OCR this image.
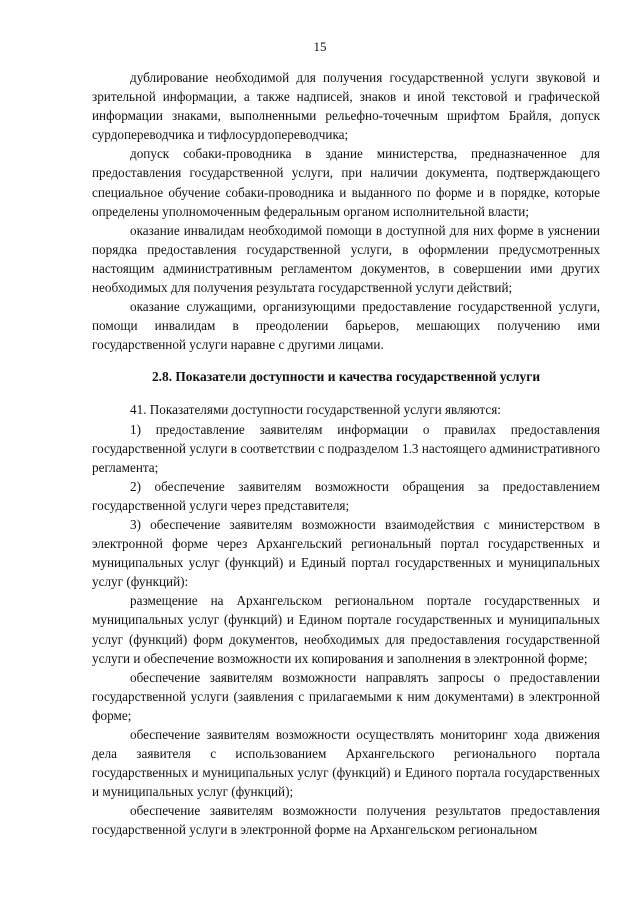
15

дублирование необходимой для получения государственной услуги звуковой и зрительной информации, а также надписей, знаков и иной текстовой и графической информации знаками, выполненными рельефно-точечным шрифтом Брайля, допуск сурдопереводчика и тифлосурдопереводчика;

допуск собаки-проводника в здание министерства, предназначенное для предоставления государственной услуги, при наличии документа, подтверждающего специальное обучение собаки-проводника и выданного по форме и в порядке, которые определены уполномоченным федеральным органом исполнительной власти;

оказание инвалидам необходимой помощи в доступной для них форме в уяснении порядка предоставления государственной услуги, в оформлении предусмотренных настоящим административным регламентом документов, в совершении ими других необходимых для получения результата государственной услуги действий;

оказание служащими, организующими предоставление государственной услуги, помощи инвалидам в преодолении барьеров, мешающих получению ими государственной услуги наравне с другими лицами.

2.8. Показатели доступности и качества государственной услуги

41. Показателями доступности государственной услуги являются:

1) предоставление заявителям информации о правилах предоставления государственной услуги в соответствии с подразделом 1.3 настоящего административного регламента;

2) обеспечение заявителям возможности обращения за предоставлением государственной услуги через представителя;

3) обеспечение заявителям возможности взаимодействия с министерством в электронной форме через Архангельский региональный портал государственных и муниципальных услуг (функций) и Единый портал государственных и муниципальных услуг (функций):

размещение на Архангельском региональном портале государственных и муниципальных услуг (функций) и Едином портале государственных и муниципальных услуг (функций) форм документов, необходимых для предоставления государственной услуги и обеспечение возможности их копирования и заполнения в электронной форме;

обеспечение заявителям возможности направлять запросы о предоставлении государственной услуги (заявления с прилагаемыми к ним документами) в электронной форме;

обеспечение заявителям возможности осуществлять мониторинг хода движения дела заявителя с использованием Архангельского регионального портала государственных и муниципальных услуг (функций) и Единого портала государственных и муниципальных услуг (функций);

обеспечение заявителям возможности получения результатов предоставления государственной услуги в электронной форме на Архангельском региональном
